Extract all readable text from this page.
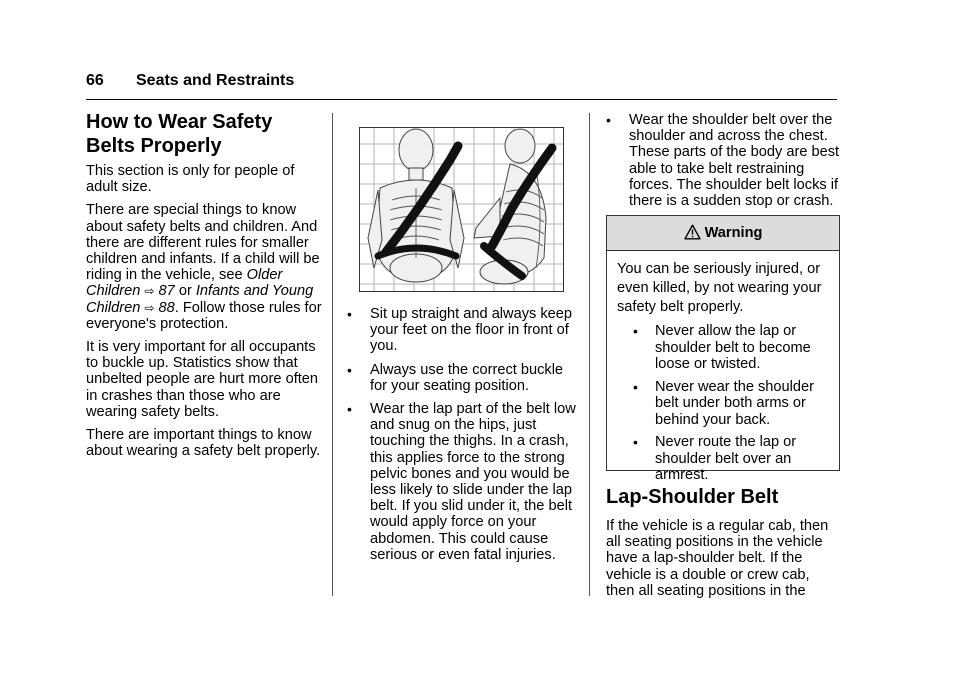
66 Seats and Restraints
How to Wear Safety Belts Properly

This section is only for people of adult size.

There are special things to know about safety belts and children. And there are different rules for smaller children and infants. If a child will be riding in the vehicle, see Older Children ⇨ 87 or Infants and Young Children ⇨ 88. Follow those rules for everyone's protection.

It is very important for all occupants to buckle up. Statistics show that unbelted people are hurt more often in crashes than those who are wearing safety belts.

There are important things to know about wearing a safety belt properly.

• Sit up straight and always keep your feet on the floor in front of you.
• Always use the correct buckle for your seating position.
• Wear the lap part of the belt low and snug on the hips, just touching the thighs. In a crash, this applies force to the strong pelvic bones and you would be less likely to slide under the lap belt. If you slid under it, the belt would apply force on your abdomen. This could cause serious or even fatal injuries.
• Wear the shoulder belt over the shoulder and across the chest. These parts of the body are best able to take belt restraining forces. The shoulder belt locks if there is a sudden stop or crash.
Warning

You can be seriously injured, or even killed, by not wearing your safety belt properly.

• Never allow the lap or shoulder belt to become loose or twisted.
• Never wear the shoulder belt under both arms or behind your back.
• Never route the lap or shoulder belt over an armrest.
Lap-Shoulder Belt

If the vehicle is a regular cab, then all seating positions in the vehicle have a lap-shoulder belt. If the vehicle is a double or crew cab, then all seating positions in the
